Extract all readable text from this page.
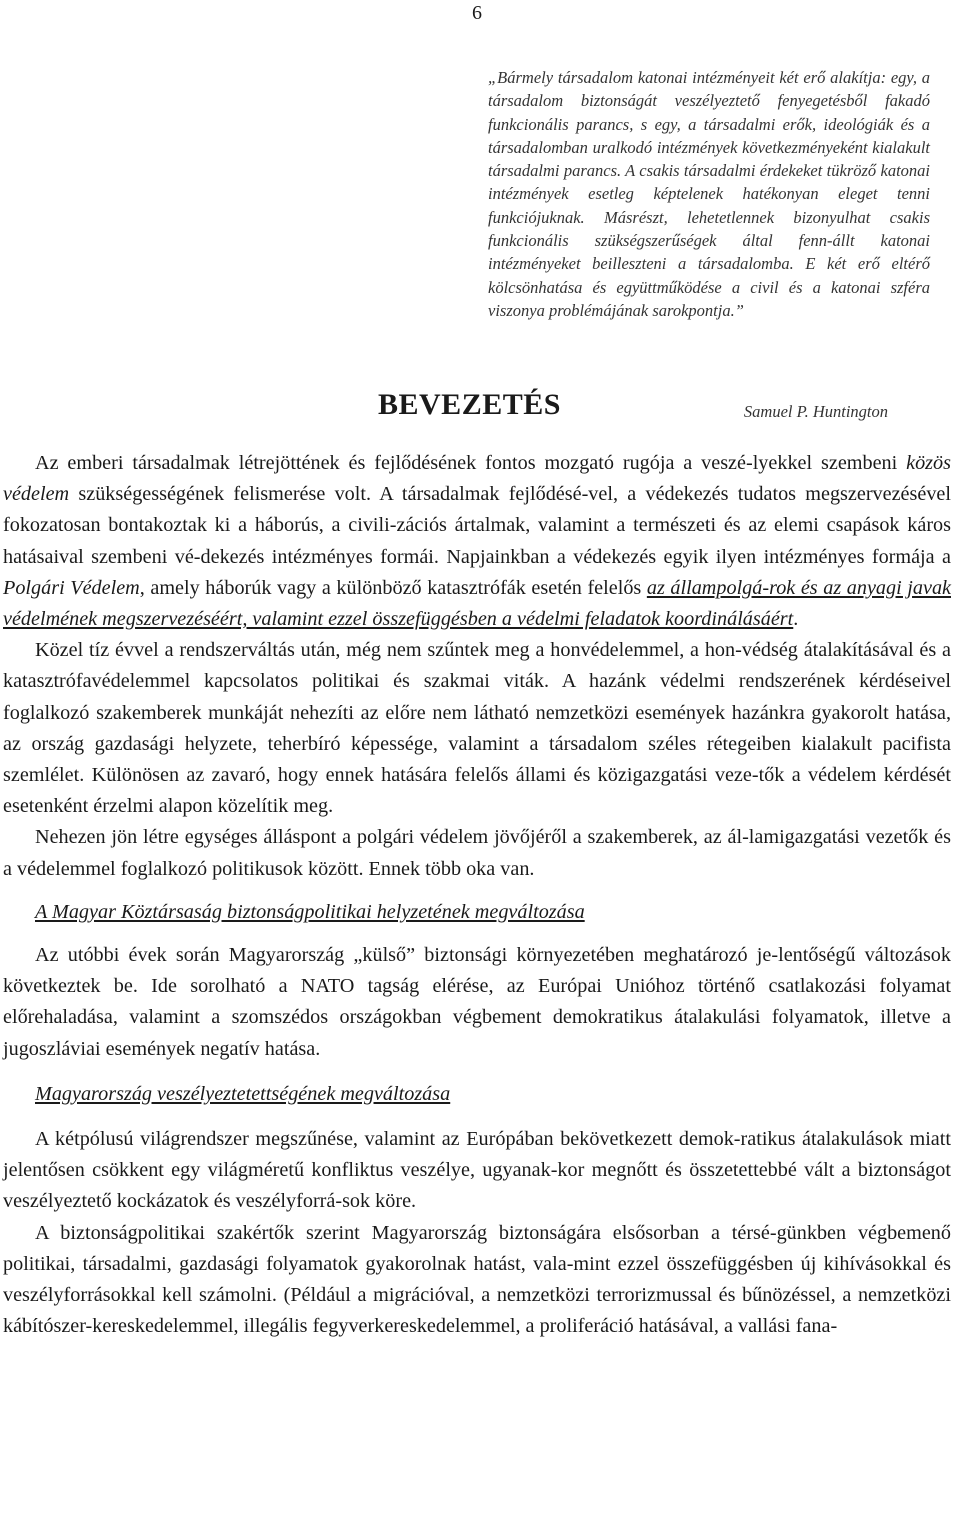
6
„Bármely társadalom katonai intézményeit két erő alakítja: egy, a társadalom biztonságát veszélyeztető fenyegetésből fakadó funkcionális parancs, s egy, a társadalmi erők, ideológiák és a társadalomban uralkodó intézmények következményeként kialakult társadalmi parancs. A csakis társadalmi érdekeket tükröző katonai intézmények esetleg képtelenek hatékonyan eleget tenni funkciójuknak. Másrészt, lehetetlennek bizonyulhat csakis funkcionális szükségszerűségek által fenn-állt katonai intézményeket beilleszteni a társadalomba. E két erő eltérő kölcsönhatása és együttműködése a civil és a katonai szféra viszonya problémájának sarokpontja.”
Samuel P. Huntington
BEVEZETÉS

Az emberi társadalmak létrejöttének és fejlődésének fontos mozgató rugója a veszé-lyekkel szembeni közös védelem szükségességének felismerése volt. A társadalmak fejlődésé-vel, a védekezés tudatos megszervezésével fokozatosan bontakoztak ki a háborús, a civili-zációs ártalmak, valamint a természeti és az elemi csapások káros hatásaival szembeni vé-dekezés intézményes formái. Napjainkban a védekezés egyik ilyen intézményes formája a Polgári Védelem, amely háborúk vagy a különböző katasztrófák esetén felelős az állampolgá-rok és az anyagi javak védelmének megszervezéséért, valamint ezzel összefüggésben a védelmi feladatok koordinálásáért.

Közel tíz évvel a rendszerváltás után, még nem szűntek meg a honvédelemmel, a hon-védség átalakításával és a katasztrófavédelemmel kapcsolatos politikai és szakmai viták. A hazánk védelmi rendszerének kérdéseivel foglalkozó szakemberek munkáját nehezíti az előre nem látható nemzetközi események hazánkra gyakorolt hatása, az ország gazdasági helyzete, teherbíró képessége, valamint a társadalom széles rétegeiben kialakult pacifista szemlélet. Különösen az zavaró, hogy ennek hatására felelős állami és közigazgatási veze-tők a védelem kérdését esetenként érzelmi alapon közelítik meg.

Nehezen jön létre egységes álláspont a polgári védelem jövőjéről a szakemberek, az ál-lamigazgatási vezetők és a védelemmel foglalkozó politikusok között. Ennek több oka van.

A Magyar Köztársaság biztonságpolitikai helyzetének megváltozása

Az utóbbi évek során Magyarország „külső” biztonsági környezetében meghatározó je-lentőségű változások következtek be. Ide sorolható a NATO tagság elérése, az Európai Unióhoz történő csatlakozási folyamat előrehaladása, valamint a szomszédos országokban végbement demokratikus átalakulási folyamatok, illetve a jugoszláviai események negatív hatása.

Magyarország veszélyeztetettségének megváltozása

A kétpólusú világrendszer megszűnése, valamint az Európában bekövetkezett demok-ratikus átalakulások miatt jelentősen csökkent egy világméretű konfliktus veszélye, ugyanak-kor megnőtt és összetettebbé vált a biztonságot veszélyeztető kockázatok és veszélyforrá-sok köre.

A biztonságpolitikai szakértők szerint Magyarország biztonságára elsősorban a térsé-günkben végbemenő politikai, társadalmi, gazdasági folyamatok gyakorolnak hatást, vala-mint ezzel összefüggésben új kihívásokkal és veszélyforrásokkal kell számolni. (Például a migrációval, a nemzetközi terrorizmussal és bűnözéssel, a nemzetközi kábítószer-kereskedelemmel, illegális fegyverkereskedelemmel, a proliferáció hatásával, a vallási fana-
